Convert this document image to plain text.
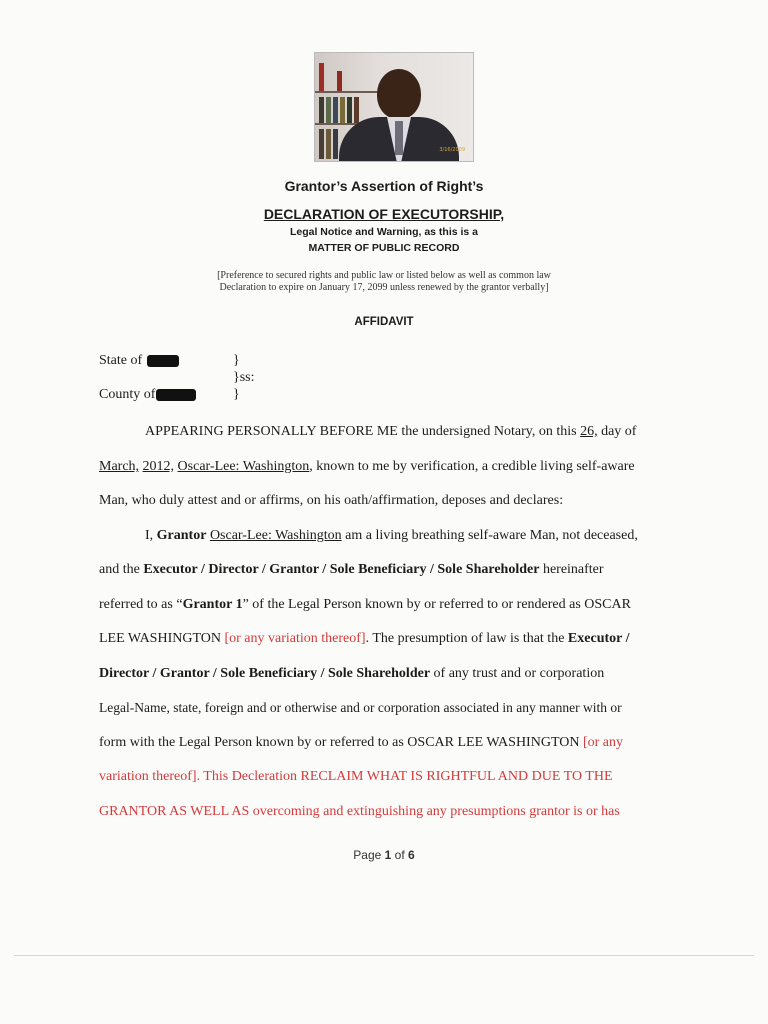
3/16/2009
Grantor’s Assertion of Right’s
DECLARATION OF EXECUTORSHIP,
Legal Notice and Warning, as this is a
MATTER OF PUBLIC RECORD
[Preference to secured rights and public law or listed below as well as common law
Declaration to expire on January 17, 2099 unless renewed by the grantor verbally]
AFFIDAVIT
State of
County of
}
}ss:
}
APPEARING PERSONALLY BEFORE ME the undersigned Notary, on this 26, day of
March, 2012, Oscar-Lee: Washington, known to me by verification, a credible living self-aware
Man, who duly attest and or affirms, on his oath/affirmation, deposes and declares:
I, Grantor Oscar-Lee: Washington am a living breathing self-aware Man, not deceased,
and the Executor / Director / Grantor / Sole Beneficiary / Sole Shareholder hereinafter
referred to as “Grantor 1” of the Legal Person known by or referred to or rendered as OSCAR
LEE WASHINGTON [or any variation thereof]. The presumption of law is that the Executor /
Director / Grantor / Sole Beneficiary / Sole Shareholder of any trust and or corporation
Legal-Name, state, foreign and or otherwise and or corporation associated in any manner with or
form with the Legal Person known by or referred to as OSCAR LEE WASHINGTON [or any
variation thereof]. This Decleration RECLAIM WHAT IS RIGHTFUL AND DUE TO THE
GRANTOR AS WELL AS overcoming and extinguishing any presumptions grantor is or has
Page 1 of 6
